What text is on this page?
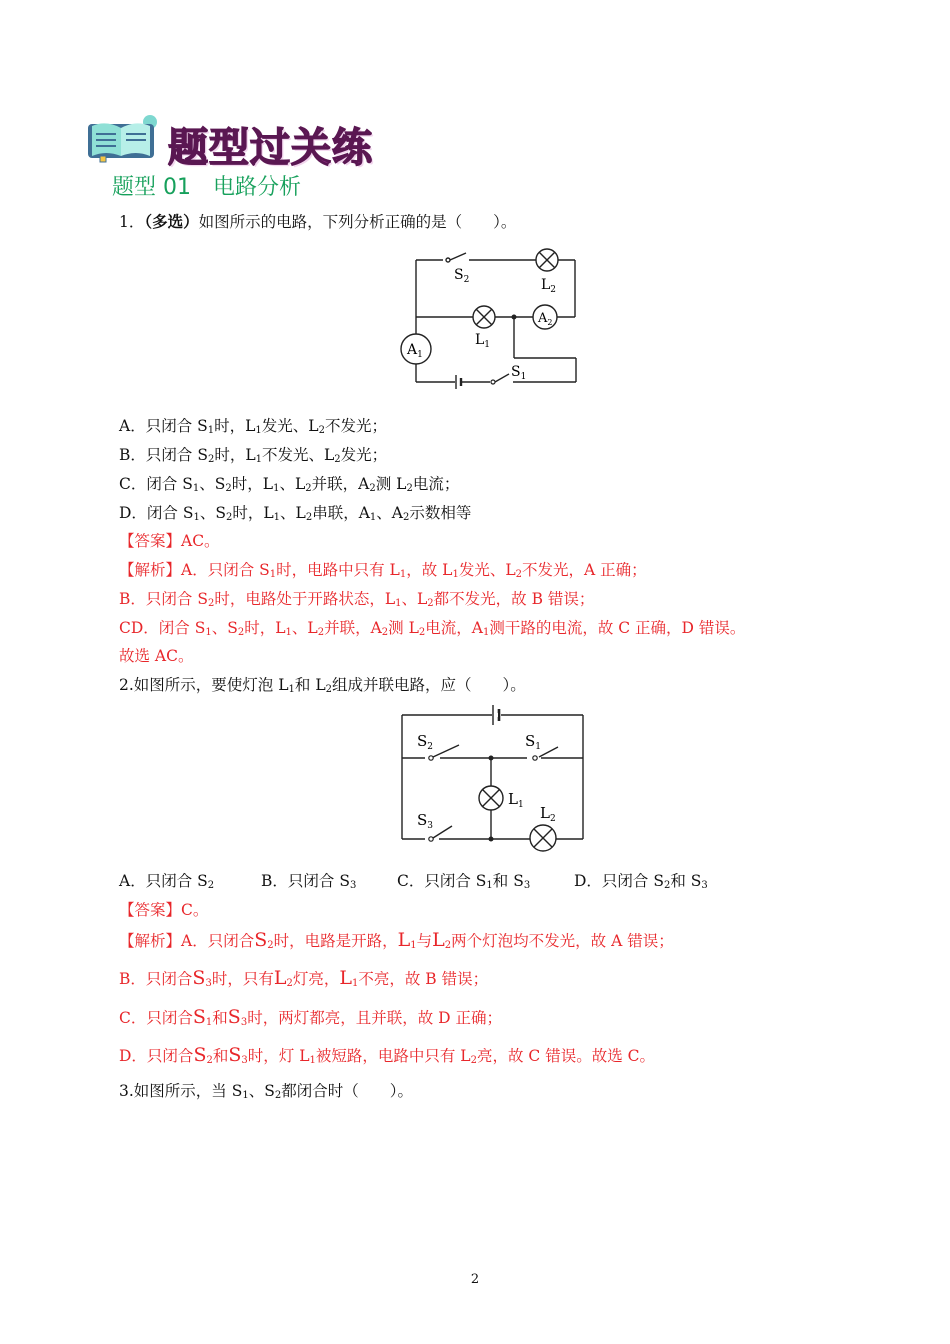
题型过关练
题型 01　电路分析
1．（多选）如图所示的电路，下列分析正确的是（　　）。
$S_2$	$L_2$
$L_1$
$A_1$
$A_2$
$S_1$
A．只闭合 $S_1$时，$L_1$发光、$L_2$不发光；
B．只闭合 $S_2$时，$L_1$不发光、$L_2$发光；
C．闭合 $S_1$、$S_2$时，$L_1$、$L_2$并联，$A_2$测 $L_2$电流；
D．闭合 $S_1$、$S_2$时，$L_1$、$L_2$串联，$A_1$、$A_2$示数相等
【答案】AC。
【解析】A．只闭合 $S_1$时，电路中只有 $L_1$，故 $L_1$发光、$L_2$不发光，A 正确；
B．只闭合 $S_2$时，电路处于开路状态，$L_1$、$L_2$都不发光，故 B 错误；
CD．闭合 $S_1$、$S_2$时，$L_1$、$L_2$并联，$A_2$测 $L_2$电流，$A_1$测干路的电流，故 C 正确，D 错误。
故选 AC。
2.如图所示，要使灯泡 $L_1$和 $L_2$组成并联电路，应（　　）。
$S_2$	$S_1$
$L_1$ $L_2$
$S_3$
A．只闭合 $S_2$	B．只闭合 $S_3$	C．只闭合 $S_1$和 $S_3$	D．只闭合 $S_2$和 $S_3$
【答案】C。
【解析】A．只闭合$S_2$时，电路是开路，$L_1$与$L_2$两个灯泡均不发光，故 A 错误；
B．只闭合$S_3$时，只有$L_2$灯亮，$L_1$不亮，故 B 错误；
C．只闭合$S_1$和$S_3$时，两灯都亮，且并联，故 D 正确；
D．只闭合$S_2$和$S_3$时，灯 $L_1$被短路，电路中只有 $L_2$亮，故 C 错误。故选 C。
3.如图所示，当 $S_1$、$S_2$都闭合时（　　）。
2
